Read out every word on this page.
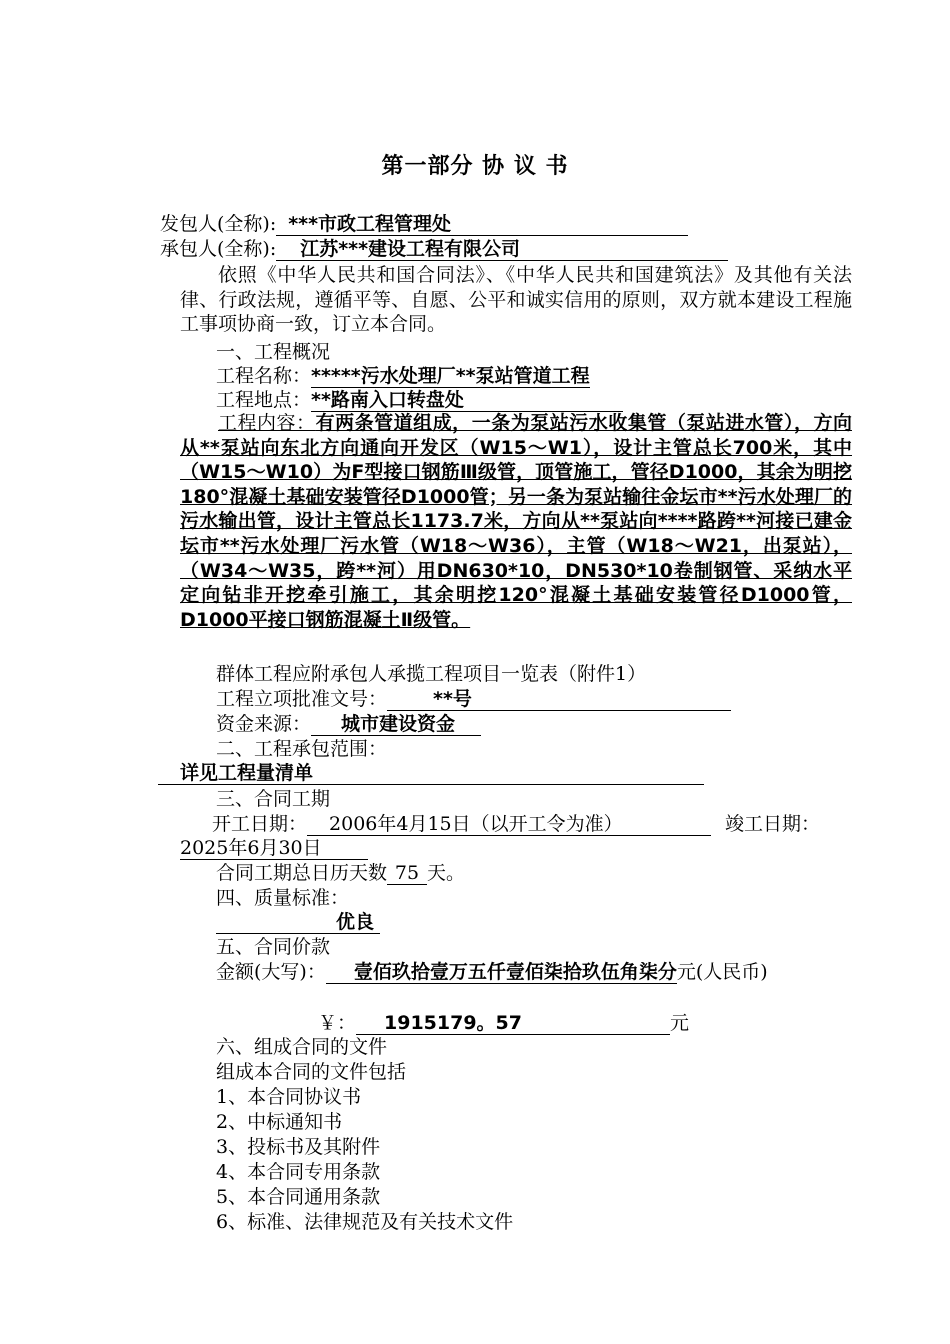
第一部分 协 议 书
发包人(全称): ***市政工程管理处
承包人(全称): 江苏***建设工程有限公司
依照《中华人民共和国合同法》、《中华人民共和国建筑法》及其他有关法律、行政法规，遵循平等、自愿、公平和诚实信用的原则，双方就本建设工程施工事项协商一致，订立本合同。
一、工程概况
工程名称：*****污水处理厂**泵站管道工程
工程地点：**路南入口转盘处
工程内容：有两条管道组成，一条为泵站污水收集管（泵站进水管），方向从**泵站向东北方向通向开发区（W15～W1），设计主管总长700米，其中（W15～W10）为F型接口钢筋Ⅲ级管，顶管施工，管径D1000，其余为明挖180°混凝土基础安装管径D1000管；另一条为泵站输往金坛市**污水处理厂的污水输出管，设计主管总长1173.7米，方向从**泵站向****路跨**河接已建金坛市**污水处理厂污水管（W18～W36），主管（W18～W21，出泵站），（W34～W35，跨**河）用DN630*10，DN530*10卷制钢管、采纳水平定向钻非开挖牵引施工，其余明挖120°混凝土基础安装管径D1000管，D1000平接口钢筋混凝土Ⅱ级管。
群体工程应附承包人承揽工程项目一览表（附件1）
工程立项批准文号： **号
资金来源： 城市建设资金
二、工程承包范围：
详见工程量清单
三、合同工期
开工日期： 2006年4月15日（以开工令为准）	竣工日期：
2025年6月30日
合同工期总日历天数 75 天。
四、质量标准：
优良
五、合同价款
金额(大写)： 壹佰玖拾壹万五仟壹佰柒拾玖伍角柒分元(人民币)
￥： 1915179。57	元
六、组成合同的文件
组成本合同的文件包括
1、本合同协议书
2、中标通知书
3、投标书及其附件
4、本合同专用条款
5、本合同通用条款
6、标准、法律规范及有关技术文件
